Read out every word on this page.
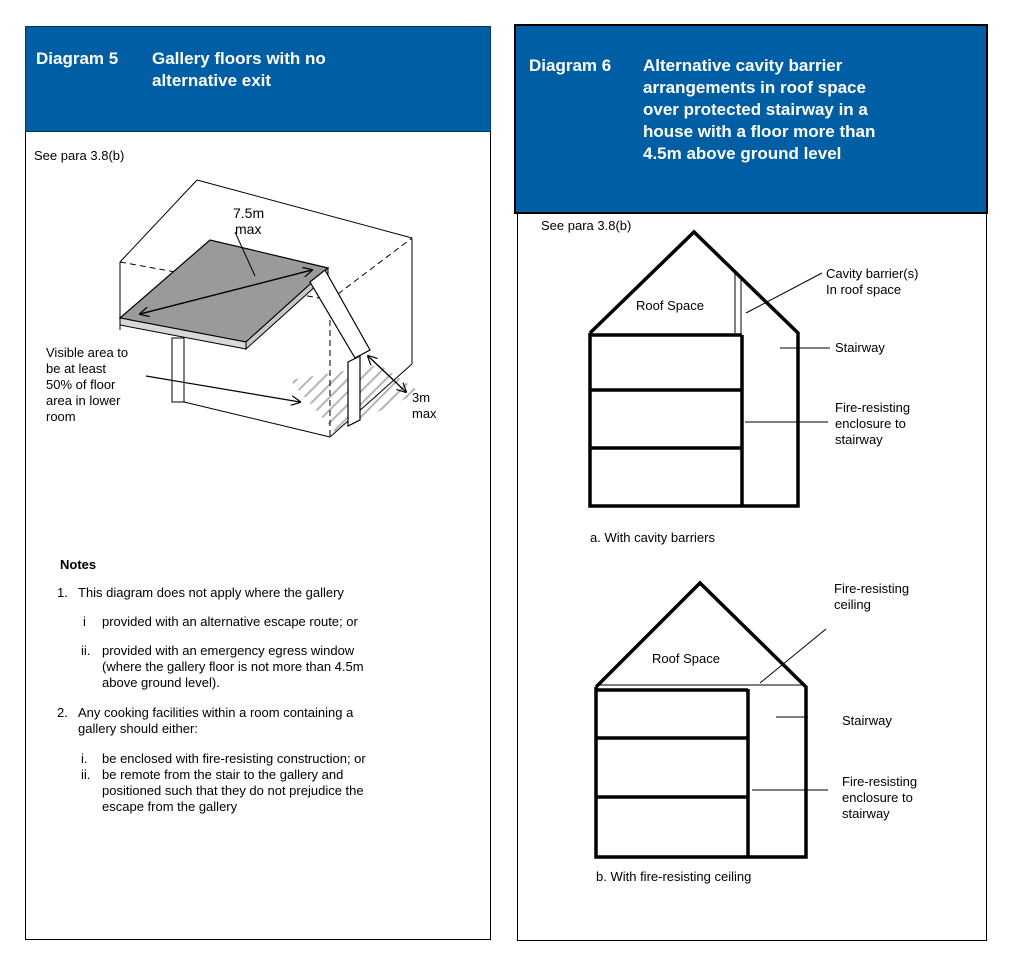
Diagram 5 Gallery floors with no
alternative exit
See para 3.8(b)
7.5m
max
Visible area to
be at least
50% of floor
area in lower
room
3m
max
Notes
1. This diagram does not apply where the gallery
i provided with an alternative escape route; or
ii. provided with an emergency egress window
(where the gallery floor is not more than 4.5m
above ground level).
2. Any cooking facilities within a room containing a
gallery should either:
i. be enclosed with fire-resisting construction; or
ii. be remote from the stair to the gallery and
positioned such that they do not prejudice the
escape from the gallery
Diagram 6 Alternative cavity barrier
arrangements in roof space
over protected stairway in a
house with a floor more than
4.5m above ground level
See para 3.8(b)
Roof Space
Cavity barrier(s)
In roof space
Stairway
Fire-resisting
enclosure to
stairway
a. With cavity barriers
Fire-resisting
ceiling
Roof Space
Stairway
Fire-resisting
enclosure to
stairway
b. With fire-resisting ceiling
